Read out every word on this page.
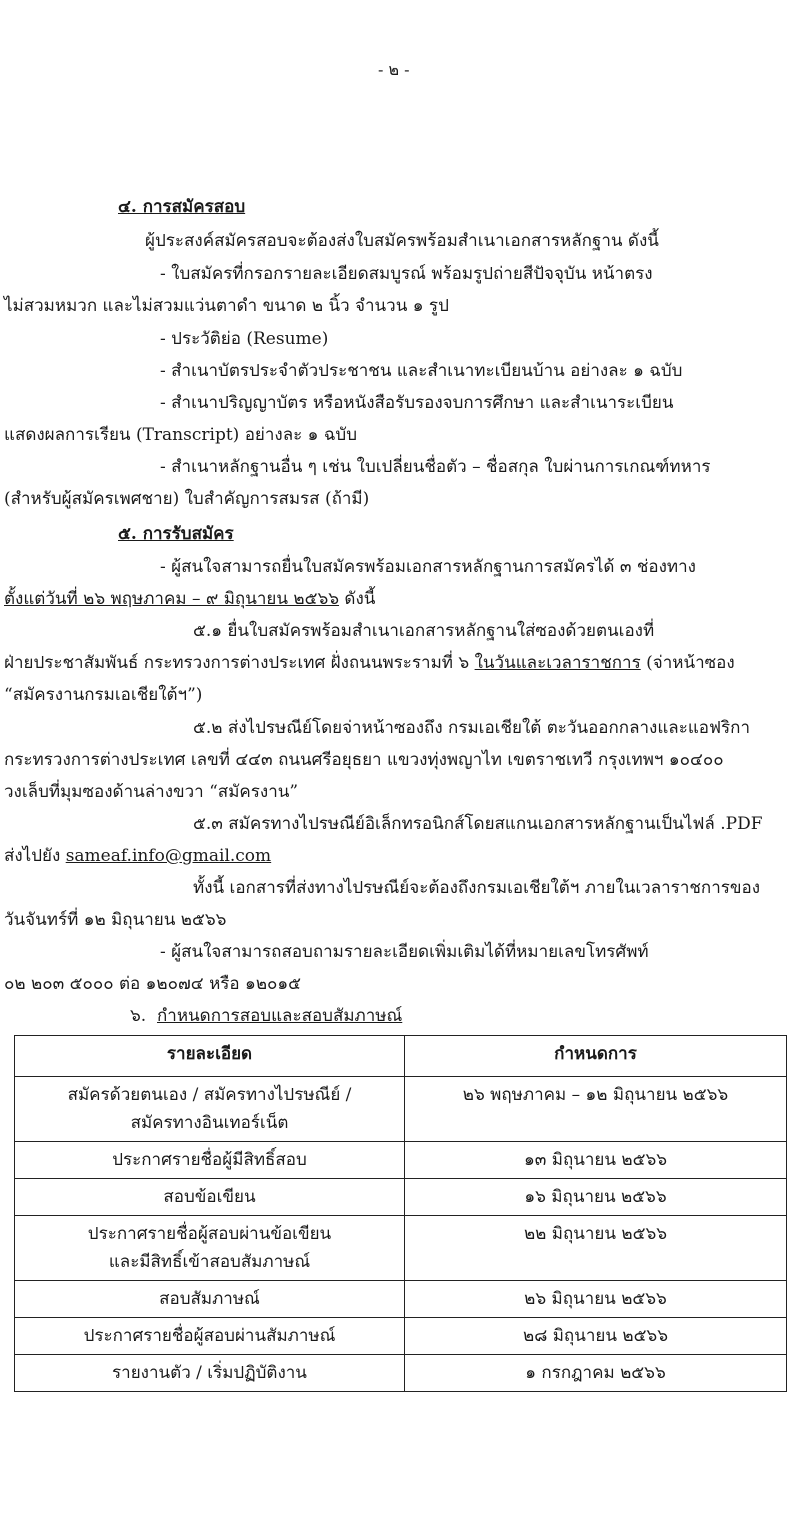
- ๒ -
๔. การสมัครสอบ
ผู้ประสงค์สมัครสอบจะต้องส่งใบสมัครพร้อมสำเนาเอกสารหลักฐาน ดังนี้
- ใบสมัครที่กรอกรายละเอียดสมบูรณ์ พร้อมรูปถ่ายสีปัจจุบัน หน้าตรง
ไม่สวมหมวก และไม่สวมแว่นตาดำ ขนาด ๒ นิ้ว จำนวน ๑ รูป
- ประวัติย่อ (Resume)
- สำเนาบัตรประจำตัวประชาชน และสำเนาทะเบียนบ้าน อย่างละ ๑ ฉบับ
- สำเนาปริญญาบัตร หรือหนังสือรับรองจบการศึกษา และสำเนาระเบียน
แสดงผลการเรียน (Transcript) อย่างละ ๑ ฉบับ
- สำเนาหลักฐานอื่น ๆ เช่น ใบเปลี่ยนชื่อตัว – ชื่อสกุล ใบผ่านการเกณฑ์ทหาร
(สำหรับผู้สมัครเพศชาย) ใบสำคัญการสมรส (ถ้ามี)
๕. การรับสมัคร
- ผู้สนใจสามารถยื่นใบสมัครพร้อมเอกสารหลักฐานการสมัครได้ ๓ ช่องทาง
ตั้งแต่วันที่ ๒๖ พฤษภาคม – ๙ มิถุนายน ๒๕๖๖ ดังนี้
๕.๑ ยื่นใบสมัครพร้อมสำเนาเอกสารหลักฐานใส่ซองด้วยตนเองที่
ฝ่ายประชาสัมพันธ์ กระทรวงการต่างประเทศ ฝั่งถนนพระรามที่ ๖ ในวันและเวลาราชการ (จ่าหน้าซอง
“สมัครงานกรมเอเชียใต้ฯ”)
๕.๒ ส่งไปรษณีย์โดยจ่าหน้าซองถึง กรมเอเชียใต้ ตะวันออกกลางและแอฟริกา
กระทรวงการต่างประเทศ เลขที่ ๔๔๓ ถนนศรีอยุธยา แขวงทุ่งพญาไท เขตราชเทวี กรุงเทพฯ ๑๐๔๐๐
วงเล็บที่มุมซองด้านล่างขวา “สมัครงาน”
๕.๓ สมัครทางไปรษณีย์อิเล็กทรอนิกส์โดยสแกนเอกสารหลักฐานเป็นไฟล์ .PDF
ส่งไปยัง sameaf.info@gmail.com
ทั้งนี้ เอกสารที่ส่งทางไปรษณีย์จะต้องถึงกรมเอเชียใต้ฯ ภายในเวลาราชการของ
วันจันทร์ที่ ๑๒ มิถุนายน ๒๕๖๖
- ผู้สนใจสามารถสอบถามรายละเอียดเพิ่มเติมได้ที่หมายเลขโทรศัพท์
๐๒ ๒๐๓ ๕๐๐๐ ต่อ ๑๒๐๗๔ หรือ ๑๒๐๑๕
๖. กำหนดการสอบและสอบสัมภาษณ์
รายละเอียด	กำหนดการ

สมัครด้วยตนเอง / สมัครทางไปรษณีย์ /
สมัครทางอินเทอร์เน็ต	๒๖ พฤษภาคม – ๑๒ มิถุนายน ๒๕๖๖
ประกาศรายชื่อผู้มีสิทธิ์สอบ	๑๓ มิถุนายน ๒๕๖๖
สอบข้อเขียน	๑๖ มิถุนายน ๒๕๖๖

ประกาศรายชื่อผู้สอบผ่านข้อเขียน
และมีสิทธิ์เข้าสอบสัมภาษณ์	๒๒ มิถุนายน ๒๕๖๖
สอบสัมภาษณ์	๒๖ มิถุนายน ๒๕๖๖
ประกาศรายชื่อผู้สอบผ่านสัมภาษณ์	๒๘ มิถุนายน ๒๕๖๖
รายงานตัว / เริ่มปฏิบัติงาน	๑ กรกฎาคม ๒๕๖๖
